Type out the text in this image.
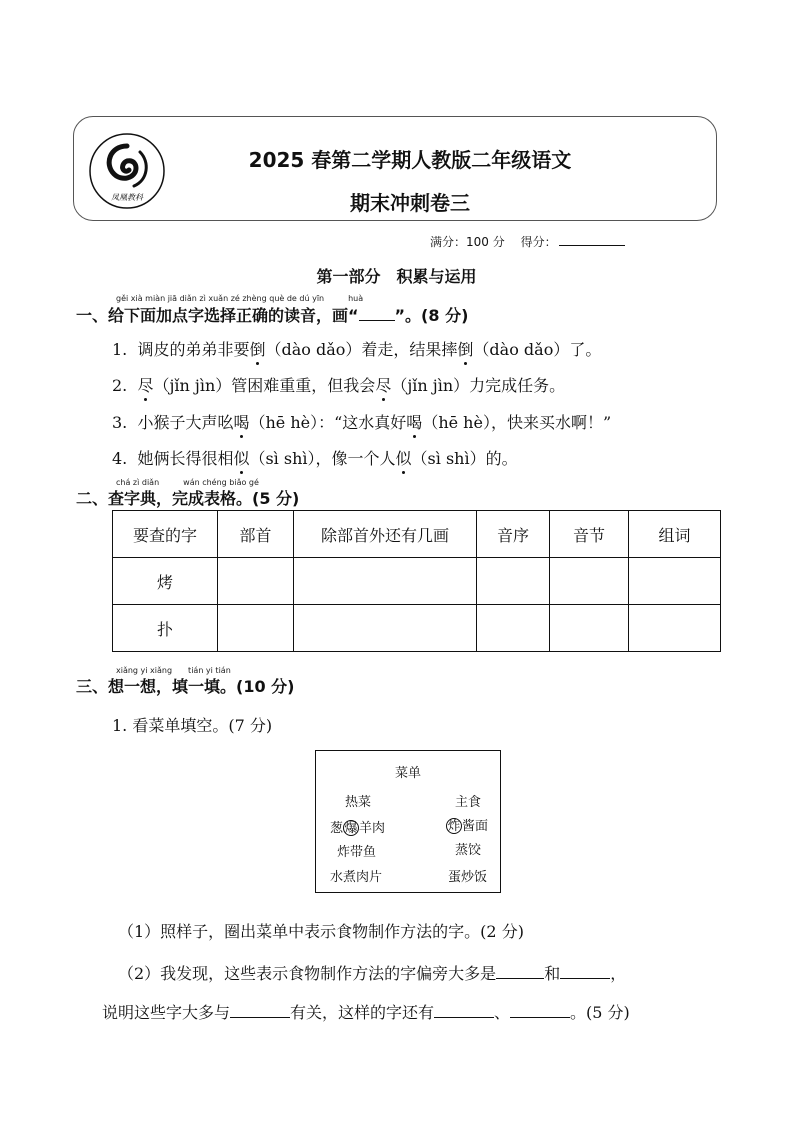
凤凰教科
2025 春第二学期人教版二年级语文
期末冲刺卷三
满分：100 分 得分：
第一部分　积累与运用
gěi xià miàn jiā diǎn zì xuǎn zé zhèng què de dú yīn　　　huà
一、给下面加点字选择正确的读音，画“ ”。(8 分)
1. 调皮的弟弟非要倒（dào dǎo）着走，结果摔倒（dào dǎo）了。
2. 尽（jǐn jìn）管困难重重，但我会尽（jǐn jìn）力完成任务。
3. 小猴子大声吆喝（hē hè）：“这水真好喝（hē hè），快来买水啊！”
4. 她俩长得很相似（sì shì），像一个人似（sì shì）的。
chá zì diǎn　　　wán chéng biǎo gé
二、查字典，完成表格。(5 分)
要查的字	部首	除部首外还有几画	音序	音节	组词
烤					
扑					
xiǎng yi xiǎng　　tián yi tián
三、想一想，填一填。(10 分)
1. 看菜单填空。(7 分)
菜单
热菜	主食
葱爆 羊肉	炸 酱面
炸带鱼	蒸饺
水煮肉片	蛋炒饭
（1）照样子，圈出菜单中表示食物制作方法的字。(2 分)
（2）我发现，这些表示食物制作方法的字偏旁大多是	和	，
说明这些字大多与	有关，这样的字还有	、	。(5 分)
